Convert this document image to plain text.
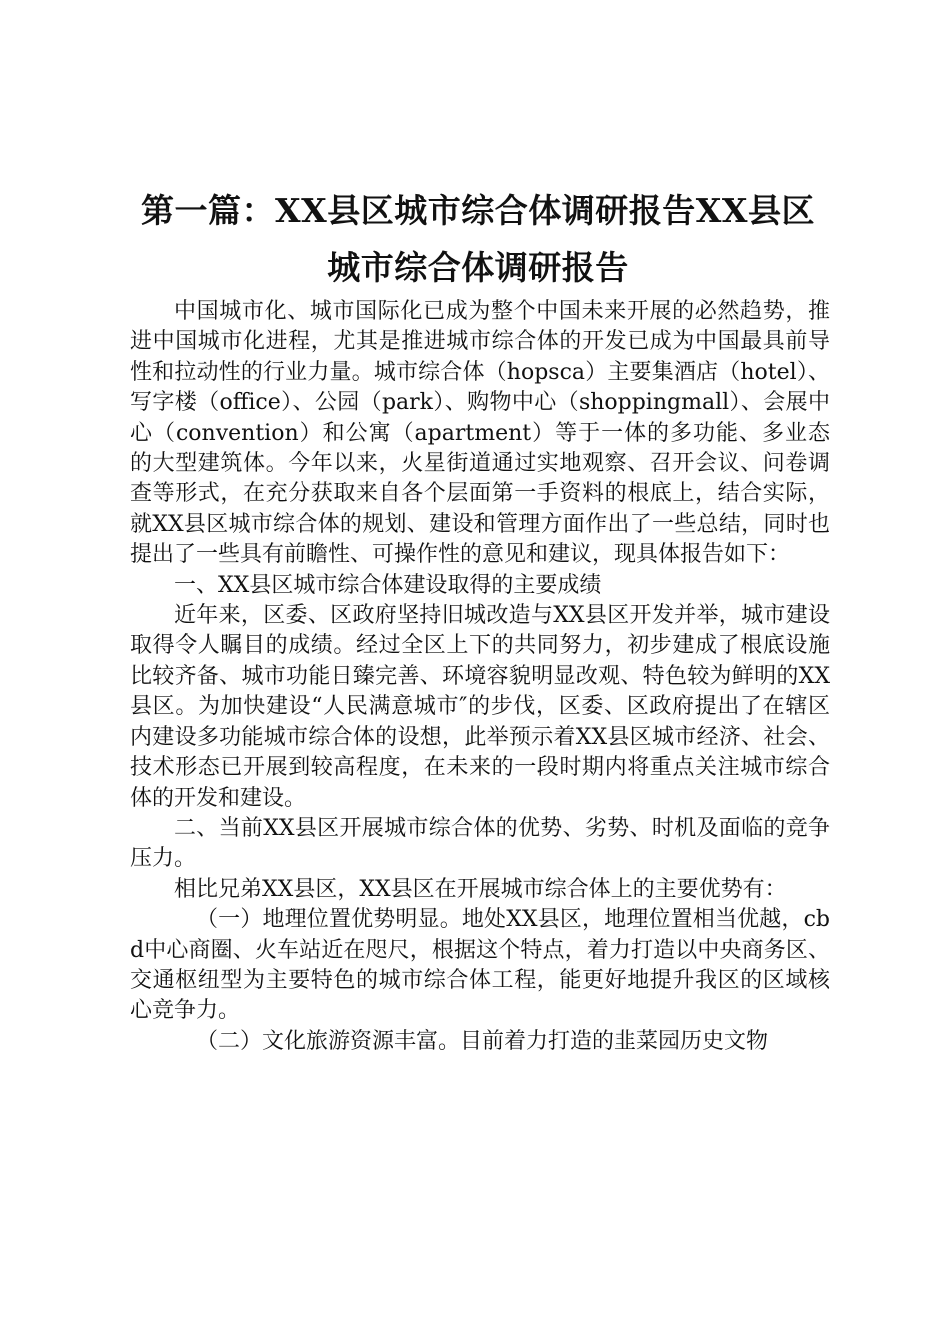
第一篇：XX县区城市综合体调研报告XX县区
城市综合体调研报告

中国城市化、城市国际化已成为整个中国未来开展的必然趋势，推进中国城市化进程，尤其是推进城市综合体的开发已成为中国最具前导性和拉动性的行业力量。城市综合体（hopsca）主要集酒店（hotel）、写字楼（office）、公园（park）、购物中心（shoppingmall）、会展中心（convention）和公寓（apartment）等于一体的多功能、多业态的大型建筑体。今年以来，火星街道通过实地观察、召开会议、问卷调查等形式，在充分获取来自各个层面第一手资料的根底上，结合实际，就XX县区城市综合体的规划、建设和管理方面作出了一些总结，同时也提出了一些具有前瞻性、可操作性的意见和建议，现具体报告如下：

一、XX县区城市综合体建设取得的主要成绩

近年来，区委、区政府坚持旧城改造与XX县区开发并举，城市建设取得令人瞩目的成绩。经过全区上下的共同努力，初步建成了根底设施比较齐备、城市功能日臻完善、环境容貌明显改观、特色较为鲜明的XX县区。为加快建设“人民满意城市″的步伐，区委、区政府提出了在辖区内建设多功能城市综合体的设想，此举预示着XX县区城市经济、社会、技术形态已开展到较高程度，在未来的一段时期内将重点关注城市综合体的开发和建设。

二、当前XX县区开展城市综合体的优势、劣势、时机及面临的竞争压力。

相比兄弟XX县区，XX县区在开展城市综合体上的主要优势有：

（一）地理位置优势明显。地处XX县区，地理位置相当优越，cbd中心商圈、火车站近在咫尺，根据这个特点，着力打造以中央商务区、交通枢纽型为主要特色的城市综合体工程，能更好地提升我区的区域核心竞争力。

（二）文化旅游资源丰富。目前着力打造的韭菜园历史文物
